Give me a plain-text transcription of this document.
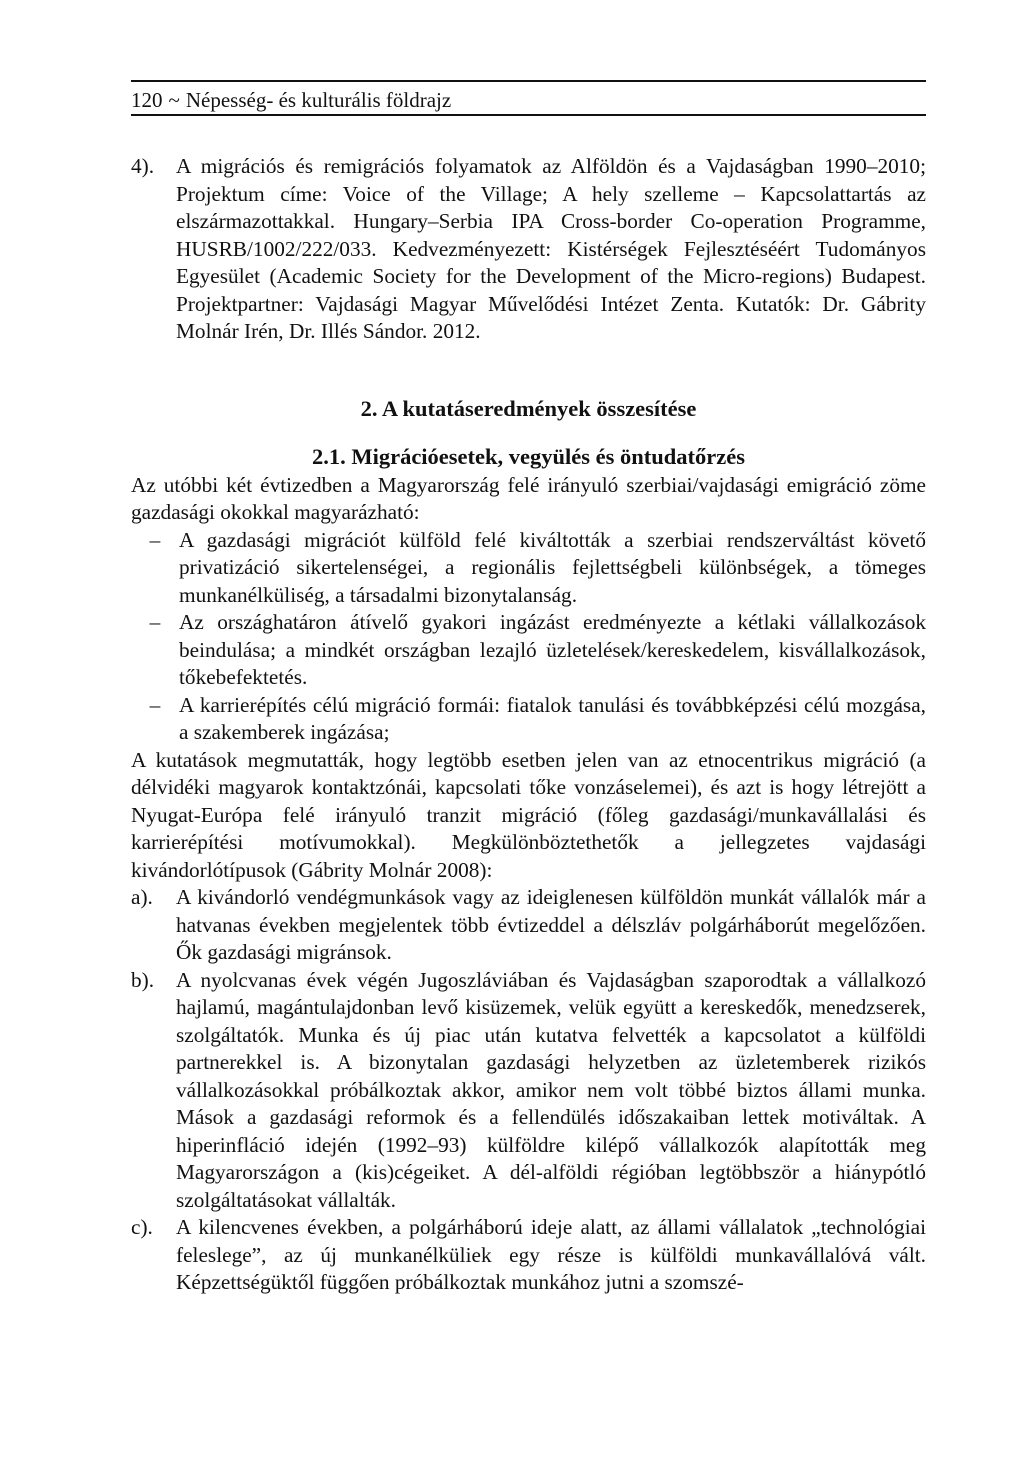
120 ~ Népesség- és kulturális földrajz
4).	A migrációs és remigrációs folyamatok az Alföldön és a Vajdaságban 1990–2010; Projektum címe: Voice of the Village; A hely szelleme – Kapcsolattartás az elszármazottakkal. Hungary–Serbia IPA Cross-border Co-operation Programme, HUSRB/1002/222/033. Kedvezményezett: Kistérségek Fejlesztéséért Tudományos Egyesület (Academic Society for the Development of the Micro-regions) Budapest. Projektpartner: Vajdasági Magyar Művelődési Intézet Zenta. Kutatók: Dr. Gábrity Molnár Irén, Dr. Illés Sándor. 2012.
2. A kutatáseredmények összesítése
2.1. Migrációesetek, vegyülés és öntudatőrzés

Az utóbbi két évtizedben a Magyarország felé irányuló szerbiai/vajdasági emigráció zöme gazdasági okokkal magyarázható:

– A gazdasági migrációt külföld felé kiváltották a szerbiai rendszerváltást követő privatizáció sikertelenségei, a regionális fejlettségbeli különbségek, a tömeges munkanélküliség, a társadalmi bizonytalanság.
– Az országhatáron átívelő gyakori ingázást eredményezte a kétlaki vállalkozások beindulása; a mindkét országban lezajló üzletelések/kereskedelem, kisvállalkozások, tőkebefektetés.
– A karrierépítés célú migráció formái: fiatalok tanulási és továbbképzési célú mozgása, a szakemberek ingázása;

A kutatások megmutatták, hogy legtöbb esetben jelen van az etnocentrikus migráció (a délvidéki magyarok kontaktzónái, kapcsolati tőke vonzáselemei), és azt is hogy létrejött a Nyugat-Európa felé irányuló tranzit migráció (főleg gazdasági/munkavállalási és karrierépítési motívumokkal). Megkülönböztethetők a jellegzetes vajdasági kivándorlótípusok (Gábrity Molnár 2008):

a).	A kivándorló vendégmunkások vagy az ideiglenesen külföldön munkát vállalók már a hatvanas években megjelentek több évtizeddel a délszláv polgárháborút megelőzően. Ők gazdasági migránsok.
b).	A nyolcvanas évek végén Jugoszláviában és Vajdaságban szaporodtak a vállalkozó hajlamú, magántulajdonban levő kisüzemek, velük együtt a kereskedők, menedzserek, szolgáltatók. Munka és új piac után kutatva felvették a kapcsolatot a külföldi partnerekkel is. A bizonytalan gazdasági helyzetben az üzletemberek rizikós vállalkozásokkal próbálkoztak akkor, amikor nem volt többé biztos állami munka. Mások a gazdasági reformok és a fellendülés időszakaiban lettek motiváltak. A hiperinfláció idején (1992–93) külföldre kilépő vállalkozók alapították meg Magyarországon a (kis)cégeiket. A dél-alföldi régióban legtöbbször a hiánypótló szolgáltatásokat vállalták.
c).	A kilencvenes években, a polgárháború ideje alatt, az állami vállalatok „technológiai feleslege”, az új munkanélküliek egy része is külföldi munkavállalóvá vált. Képzettségüktől függően próbálkoztak munkához jutni a szomszé-
